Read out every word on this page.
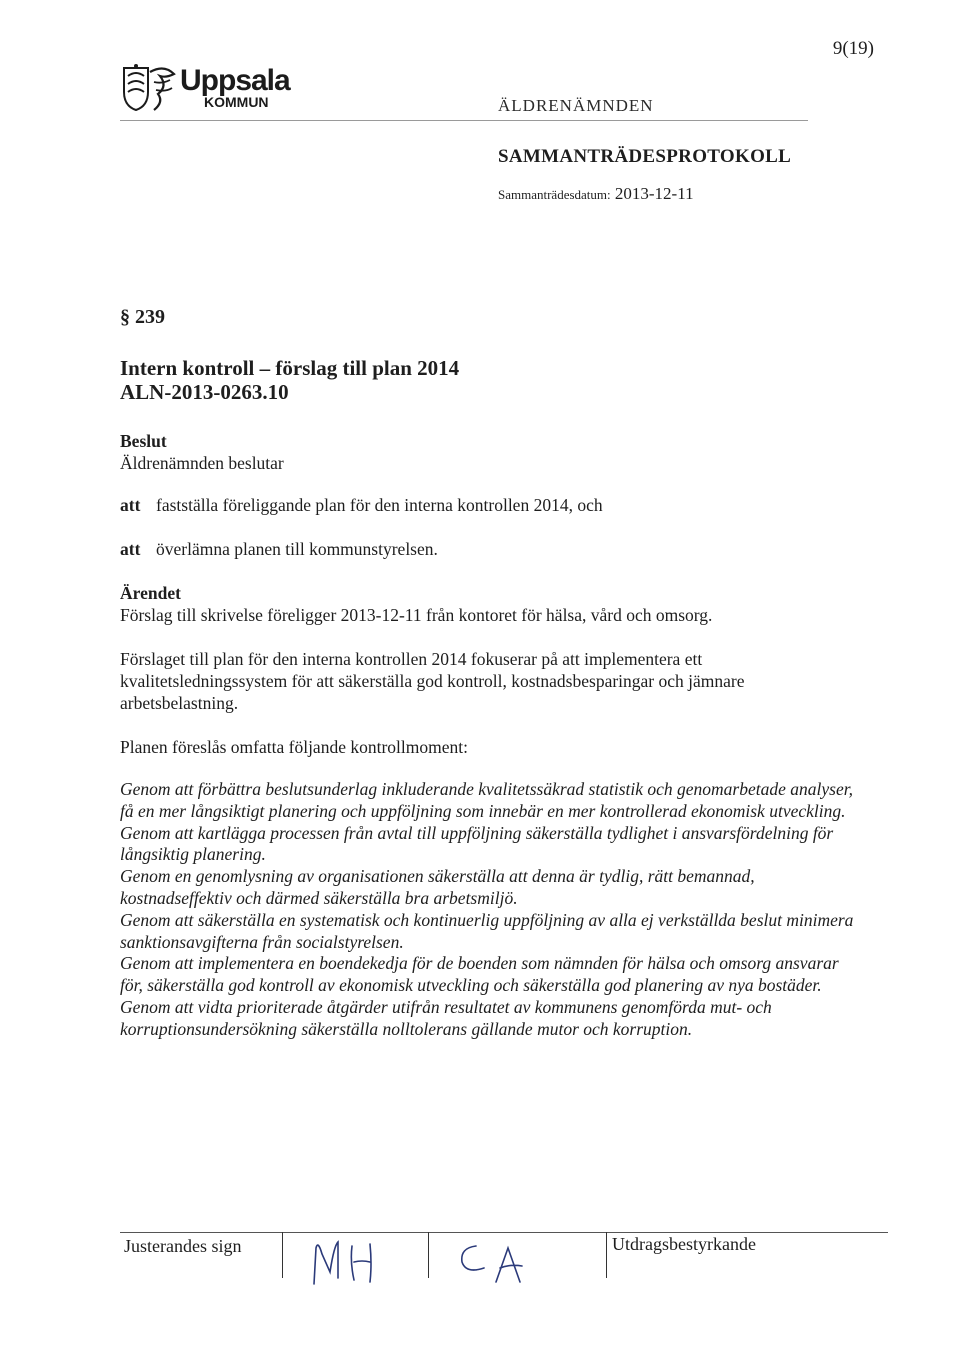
9(19)
Uppsala
KOMMUN	ÄLDRENÄMNDEN
SAMMANTRÄDESPROTOKOLL
Sammanträdesdatum: 2013-12-11
§ 239
Intern kontroll – förslag till plan 2014
ALN-2013-0263.10
Beslut
Äldrenämnden beslutar
att fastställa föreliggande plan för den interna kontrollen 2014, och
att överlämna planen till kommunstyrelsen.
Ärendet
Förslag till skrivelse föreligger 2013-12-11 från kontoret för hälsa, vård och omsorg.
Förslaget till plan för den interna kontrollen 2014 fokuserar på att implementera ett kvalitetsledningssystem för att säkerställa god kontroll, kostnadsbesparingar och jämnare arbetsbelastning.
Planen föreslås omfatta följande kontrollmoment:

Genom att förbättra beslutsunderlag inkluderande kvalitetssäkrad statistik och genomarbetade analyser, få en mer långsiktigt planering och uppföljning som innebär en mer kontrollerad ekonomisk utveckling.

Genom att kartlägga processen från avtal till uppföljning säkerställa tydlighet i ansvarsfördelning för långsiktig planering.

Genom en genomlysning av organisationen säkerställa att denna är tydlig, rätt bemannad, kostnadseffektiv och därmed säkerställa bra arbetsmiljö.

Genom att säkerställa en systematisk och kontinuerlig uppföljning av alla ej verkställda beslut minimera sanktionsavgifterna från socialstyrelsen.

Genom att implementera en boendekedja för de boenden som nämnden för hälsa och omsorg ansvarar för, säkerställa god kontroll av ekonomisk utveckling och säkerställa god planering av nya bostäder.

Genom att vidta prioriterade åtgärder utifrån resultatet av kommunens genomförda mut- och korruptionsundersökning säkerställa nolltolerans gällande mutor och korruption.

Justerandes sign	Utdragsbestyrkande
